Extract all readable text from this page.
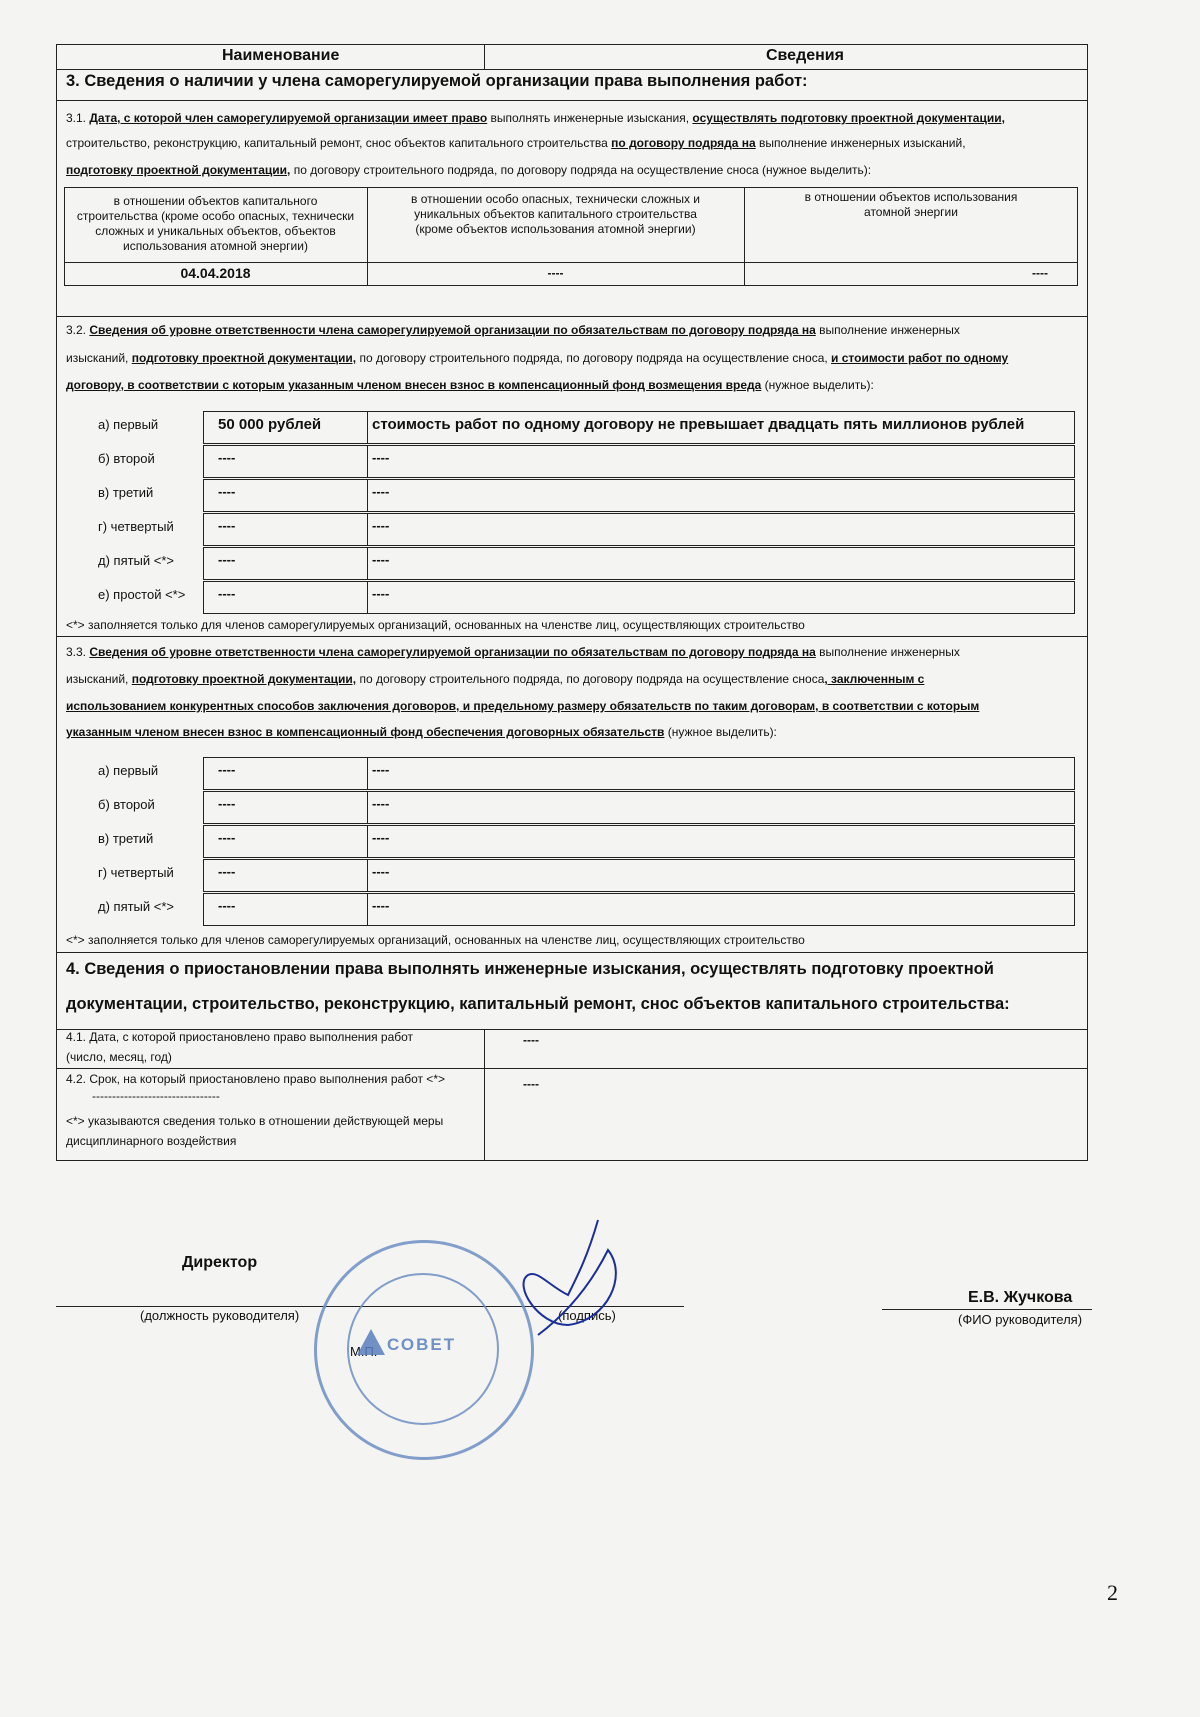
Наименование	Сведения
3. Сведения о наличии у члена саморегулируемой организации права выполнения работ:
3.1. Дата, с которой член саморегулируемой организации имеет право выполнять инженерные изыскания, осуществлять подготовку проектной документации,
строительство, реконструкцию, капитальный ремонт, снос объектов капитального строительства по договору подряда на выполнение инженерных изысканий,
подготовку проектной документации, по договору строительного подряда, по договору подряда на осуществление сноса (нужное выделить):
в отношении объектов капитального
строительства (кроме особо опасных, технически
сложных и уникальных объектов, объектов
использования атомной энергии)
в отношении особо опасных, технически сложных и
уникальных объектов капитального строительства
(кроме объектов использования атомной энергии)
в отношении объектов использования
атомной энергии
04.04.2018	----	----
3.2. Сведения об уровне ответственности члена саморегулируемой организации по обязательствам по договору подряда на выполнение инженерных
изысканий, подготовку проектной документации, по договору строительного подряда, по договору подряда на осуществление сноса, и стоимости работ по одному
договору, в соответствии с которым указанным членом внесен взнос в компенсационный фонд возмещения вреда (нужное выделить):
а) первый	50 000 рублей	стоимость работ по одному договору не превышает двадцать пять миллионов рублей
б) второй	----	----
в) третий	----	----
г) четвертый	----	----
д) пятый <*>	----	----
е) простой <*>	----	----
<*> заполняется только для членов саморегулируемых организаций, основанных на членстве лиц, осуществляющих строительство
3.3. Сведения об уровне ответственности члена саморегулируемой организации по обязательствам по договору подряда на выполнение инженерных
изысканий, подготовку проектной документации, по договору строительного подряда, по договору подряда на осуществление сноса, заключенным с
использованием конкурентных способов заключения договоров, и предельному размеру обязательств по таким договорам, в соответствии с которым
указанным членом внесен взнос в компенсационный фонд обеспечения договорных обязательств (нужное выделить):
а) первый	----	----
б) второй	----	----
в) третий	----	----
г) четвертый	----	----
д) пятый <*>	----	----
<*> заполняется только для членов саморегулируемых организаций, основанных на членстве лиц, осуществляющих строительство
4. Сведения о приостановлении права выполнять инженерные изыскания, осуществлять подготовку проектной
документации, строительство, реконструкцию, капитальный ремонт, снос объектов капитального строительства:
4.1. Дата, с которой приостановлено право выполнения работ
(число, месяц, год)
----
4.2. Срок, на который приостановлено право выполнения работ <*>
--------------------------------
<*> указываются сведения только в отношении действующей меры
дисциплинарного воздействия
----
Директор
(должность руководителя)	(подпись)
М.П.
Е.В. Жучкова
(ФИО руководителя)
СОВЕТ
2
